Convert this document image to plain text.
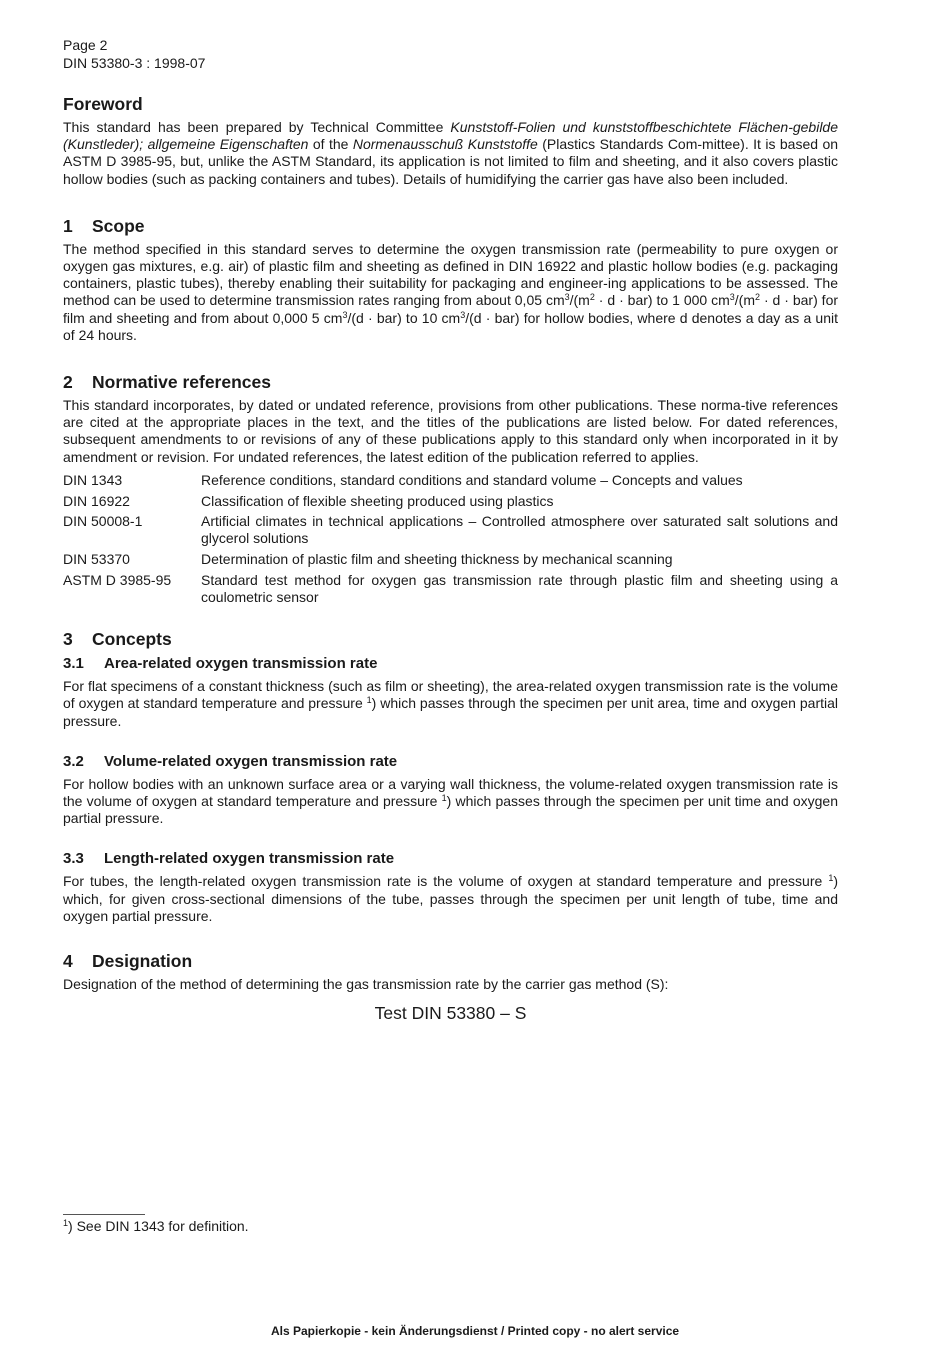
Page 2
DIN 53380-3 : 1998-07
Foreword

This standard has been prepared by Technical Committee Kunststoff-Folien und kunststoffbeschichtete Flächen-gebilde (Kunstleder); allgemeine Eigenschaften of the Normenausschuß Kunststoffe (Plastics Standards Com-mittee). It is based on ASTM D 3985-95, but, unlike the ASTM Standard, its application is not limited to film and sheeting, and it also covers plastic hollow bodies (such as packing containers and tubes). Details of humidifying the carrier gas have also been included.

1 Scope

The method specified in this standard serves to determine the oxygen transmission rate (permeability to pure oxygen or oxygen gas mixtures, e.g. air) of plastic film and sheeting as defined in DIN 16922 and plastic hollow bodies (e.g. packaging containers, plastic tubes), thereby enabling their suitability for packaging and engineer-ing applications to be assessed. The method can be used to determine transmission rates ranging from about 0,05 $cm^3/(m^2 \cdot d \cdot bar)$ to 1 000 $cm^3/(m^2 \cdot d \cdot bar)$ for film and sheeting and from about 0,000 5 $cm^3/(d \cdot bar)$ to 10 $cm^3/(d \cdot bar)$ for hollow bodies, where d denotes a day as a unit of 24 hours.

2 Normative references

This standard incorporates, by dated or undated reference, provisions from other publications. These norma-tive references are cited at the appropriate places in the text, and the titles of the publications are listed below. For dated references, subsequent amendments to or revisions of any of these publications apply to this standard only when incorporated in it by amendment or revision. For undated references, the latest edition of the publication referred to applies.

DIN 1343	Reference conditions, standard conditions and standard volume – Concepts and values
DIN 16922	Classification of flexible sheeting produced using plastics
DIN 50008-1	Artificial climates in technical applications – Controlled atmosphere over saturated salt solutions and glycerol solutions
DIN 53370	Determination of plastic film and sheeting thickness by mechanical scanning
ASTM D 3985-95	Standard test method for oxygen gas transmission rate through plastic film and sheeting using a coulometric sensor
3 Concepts
3.1 Area-related oxygen transmission rate

For flat specimens of a constant thickness (such as film or sheeting), the area-related oxygen transmission rate is the volume of oxygen at standard temperature and pressure $^1$) which passes through the specimen per unit area, time and oxygen partial pressure.

3.2 Volume-related oxygen transmission rate

For hollow bodies with an unknown surface area or a varying wall thickness, the volume-related oxygen transmission rate is the volume of oxygen at standard temperature and pressure $^1$) which passes through the specimen per unit time and oxygen partial pressure.

3.3 Length-related oxygen transmission rate

For tubes, the length-related oxygen transmission rate is the volume of oxygen at standard temperature and pressure $^1$) which, for given cross-sectional dimensions of the tube, passes through the specimen per unit length of tube, time and oxygen partial pressure.

4 Designation

Designation of the method of determining the gas transmission rate by the carrier gas method (S):

Test DIN 53380 – S
$^1$) See DIN 1343 for definition.
Als Papierkopie - kein Änderungsdienst / Printed copy - no alert service
